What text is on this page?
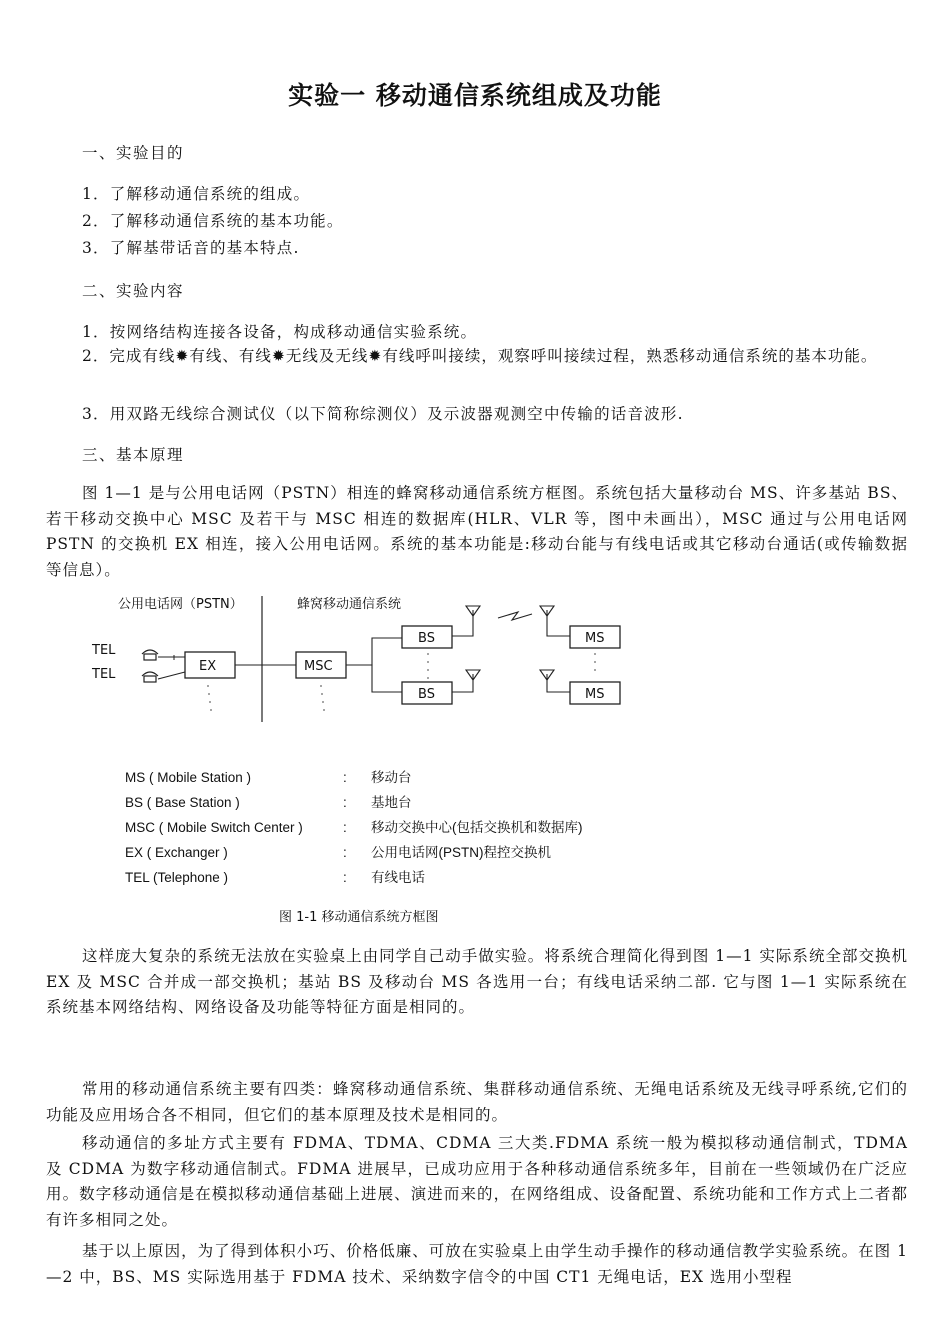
实验一 移动通信系统组成及功能
一、实验目的
1．了解移动通信系统的组成。
2．了解移动通信系统的基本功能。
3．了解基带话音的基本特点.
二、实验内容
1．按网络结构连接各设备，构成移动通信实验系统。
2．完成有线✹有线、有线✹无线及无线✹有线呼叫接续，观察呼叫接续过程，熟悉移动通信系统的基本功能。
3．用双路无线综合测试仪（以下简称综测仪）及示波器观测空中传输的话音波形.
三、基本原理
图 1—1 是与公用电话网（PSTN）相连的蜂窝移动通信系统方框图。系统包括大量移动台 MS、许多基站 BS、若干移动交换中心 MSC 及若干与 MSC 相连的数据库(HLR、VLR 等，图中未画出），MSC 通过与公用电话网 PSTN 的交换机 EX 相连，接入公用电话网。系统的基本功能是:移动台能与有线电话或其它移动台通话(或传输数据等信息）。
公用电话网（PSTN）	蜂窝移动通信系统
TEL
TEL
EX	MSC
BS
BS
MS
MS
MS ( Mobile Station )	: 移动台
BS ( Base Station )	: 基地台
MSC ( Mobile Switch Center )	: 移动交换中心(包括交换机和数据库)
EX ( Exchanger )	: 公用电话网(PSTN)程控交换机
TEL (Telephone )	: 有线电话
图 1-1 移动通信系统方框图
这样庞大复杂的系统无法放在实验桌上由同学自己动手做实验。将系统合理简化得到图 1—1 实际系统全部交换机 EX 及 MSC 合并成一部交换机；基站 BS 及移动台 MS 各选用一台；有线电话采纳二部. 它与图 1—1 实际系统在系统基本网络结构、网络设备及功能等特征方面是相同的。
常用的移动通信系统主要有四类：蜂窝移动通信系统、集群移动通信系统、无绳电话系统及无线寻呼系统,它们的功能及应用场合各不相同，但它们的基本原理及技术是相同的。
移动通信的多址方式主要有 FDMA、TDMA、CDMA 三大类.FDMA 系统一般为模拟移动通信制式，TDMA 及 CDMA 为数字移动通信制式。FDMA 进展早，已成功应用于各种移动通信系统多年，目前在一些领域仍在广泛应用。数字移动通信是在模拟移动通信基础上进展、演进而来的，在网络组成、设备配置、系统功能和工作方式上二者都有许多相同之处。
基于以上原因，为了得到体积小巧、价格低廉、可放在实验桌上由学生动手操作的移动通信教学实验系统。在图 1—2 中，BS、MS 实际选用基于 FDMA 技术、采纳数字信令的中国 CT1 无绳电话，EX 选用小型程
